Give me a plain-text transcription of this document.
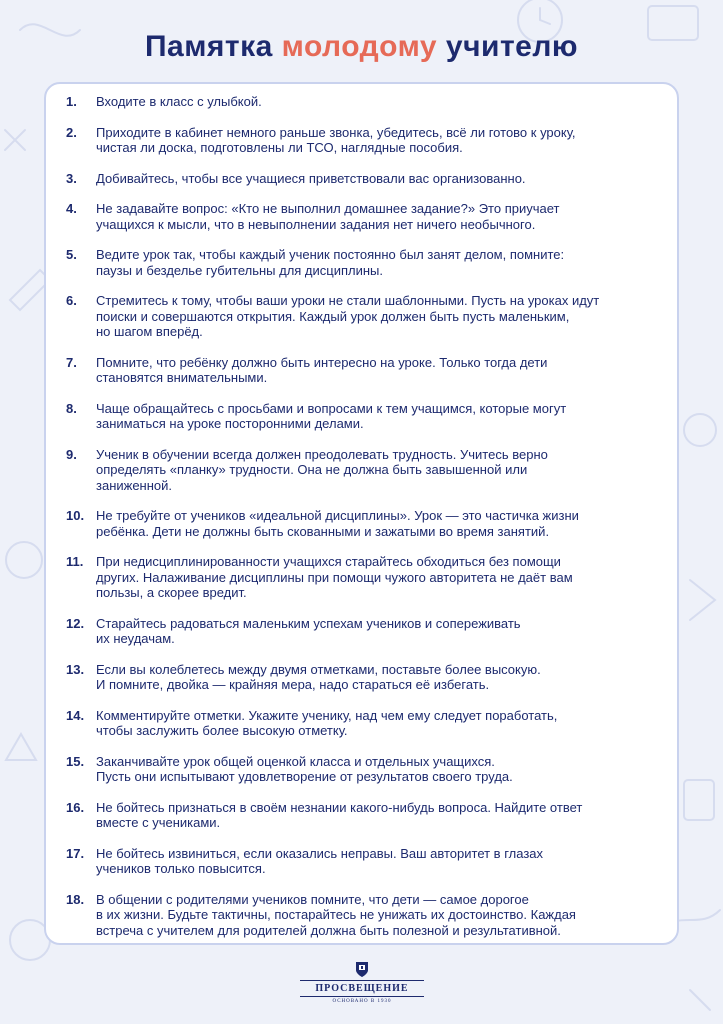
Памятка молодому учителю
1.	Входите в класс с улыбкой.
2.	Приходите в кабинет немного раньше звонка, убедитесь, всё ли готово к уроку,
чистая ли доска, подготовлены ли ТСО, наглядные пособия.
3.	Добивайтесь, чтобы все учащиеся приветствовали вас организованно.
4.	Не задавайте вопрос: «Кто не выполнил домашнее задание?» Это приучает
учащихся к мысли, что в невыполнении задания нет ничего необычного.
5.	Ведите урок так, чтобы каждый ученик постоянно был занят делом, помните:
паузы и безделье губительны для дисциплины.
6.	Стремитесь к тому, чтобы ваши уроки не стали шаблонными. Пусть на уроках идут
поиски и совершаются открытия. Каждый урок должен быть пусть маленьким,
но шагом вперёд.
7.	Помните, что ребёнку должно быть интересно на уроке. Только тогда дети
становятся внимательными.
8.	Чаще обращайтесь с просьбами и вопросами к тем учащимся, которые могут
заниматься на уроке посторонними делами.
9.	Ученик в обучении всегда должен преодолевать трудность. Учитесь верно
определять «планку» трудности. Она не должна быть завышенной или
заниженной.
10. Не требуйте от учеников «идеальной дисциплины». Урок — это частичка жизни
ребёнка. Дети не должны быть скованными и зажатыми во время занятий.
11. При недисциплинированности учащихся старайтесь обходиться без помощи
других. Налаживание дисциплины при помощи чужого авторитета не даёт вам
пользы, а скорее вредит.
12. Старайтесь радоваться маленьким успехам учеников и сопереживать
их неудачам.
13. Если вы колеблетесь между двумя отметками, поставьте более высокую.
И помните, двойка — крайняя мера, надо стараться её избегать.
14. Комментируйте отметки. Укажите ученику, над чем ему следует поработать,
чтобы заслужить более высокую отметку.
15. Заканчивайте урок общей оценкой класса и отдельных учащихся.
Пусть они испытывают удовлетворение от результатов своего труда.
16. Не бойтесь признаться в своём незнании какого-нибудь вопроса. Найдите ответ
вместе с учениками.
17. Не бойтесь извиниться, если оказались неправы. Ваш авторитет в глазах
учеников только повысится.
18. В общении с родителями учеников помните, что дети — самое дорогое
в их жизни. Будьте тактичны, постарайтесь не унижать их достоинство. Каждая
встреча с учителем для родителей должна быть полезной и результативной.
ПРОСВЕЩЕНИЕ
ОСНОВАНО В 1930
